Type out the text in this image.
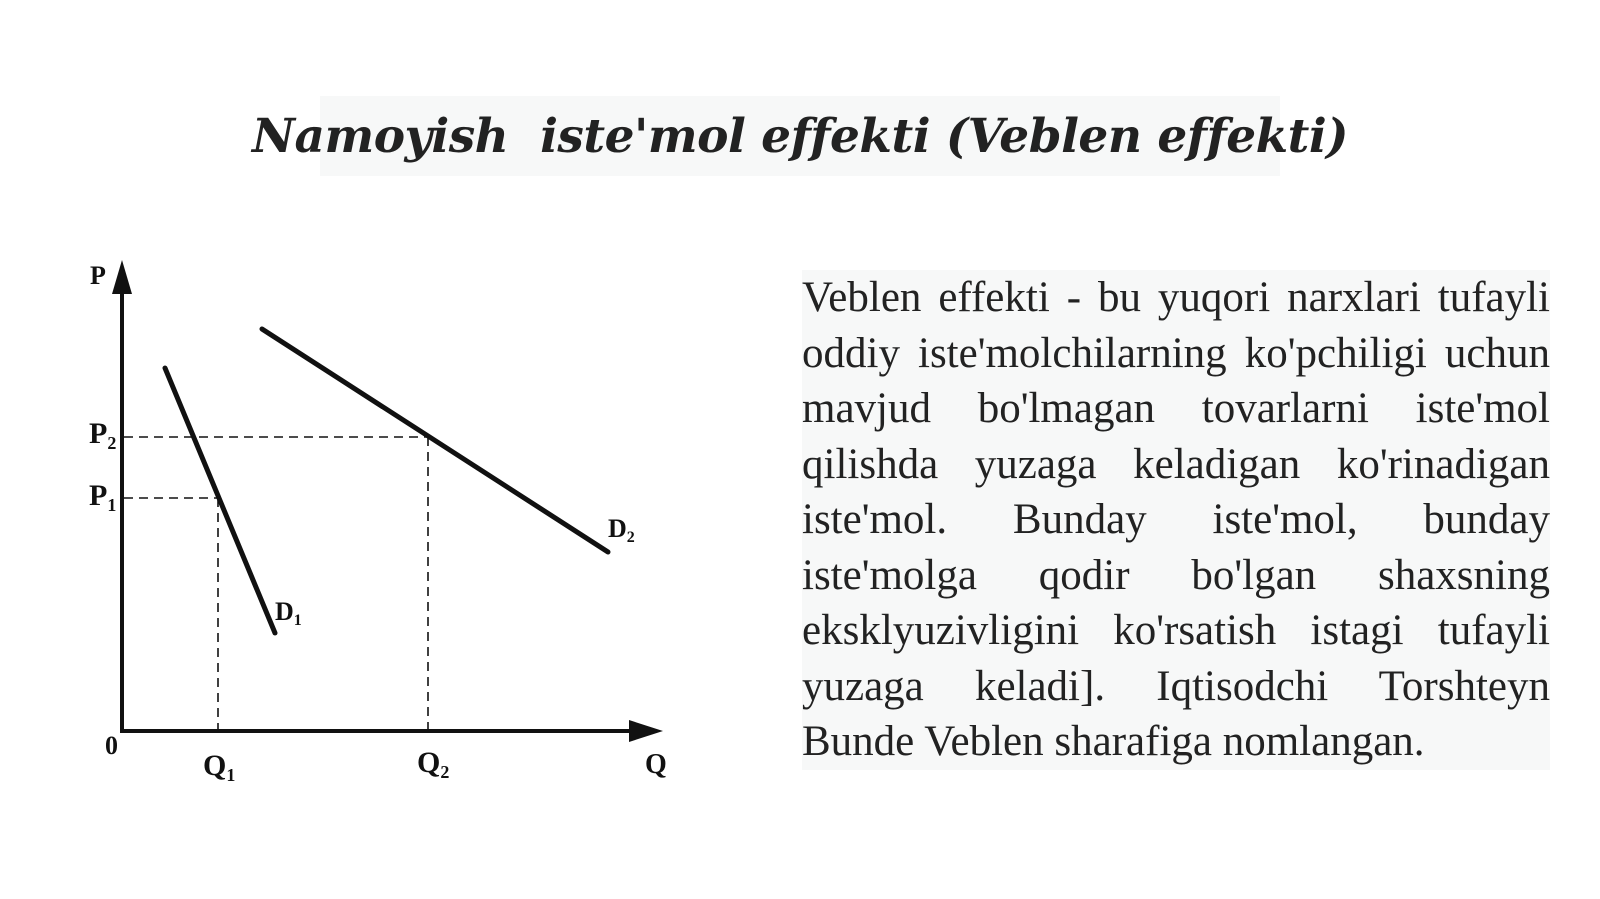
Namoyish  iste'mol effekti (Veblen effekti)
P
Q
0
$P_2$
$P_1$
$Q_1$	$Q_2$
D1
D2

Veblen effekti - bu yuqori narxlari tufayli oddiy iste'molchilarning ko'pchiligi uchun mavjud bo'lmagan tovarlarni iste'mol qilishda yuzaga keladigan ko'rinadigan iste'mol. Bunday iste'mol, bunday iste'molga qodir bo'lgan shaxsning eksklyuzivligini ko'rsatish istagi tufayli yuzaga keladi]. Iqtisodchi Torshteyn Bunde Veblen sharafiga nomlangan.
